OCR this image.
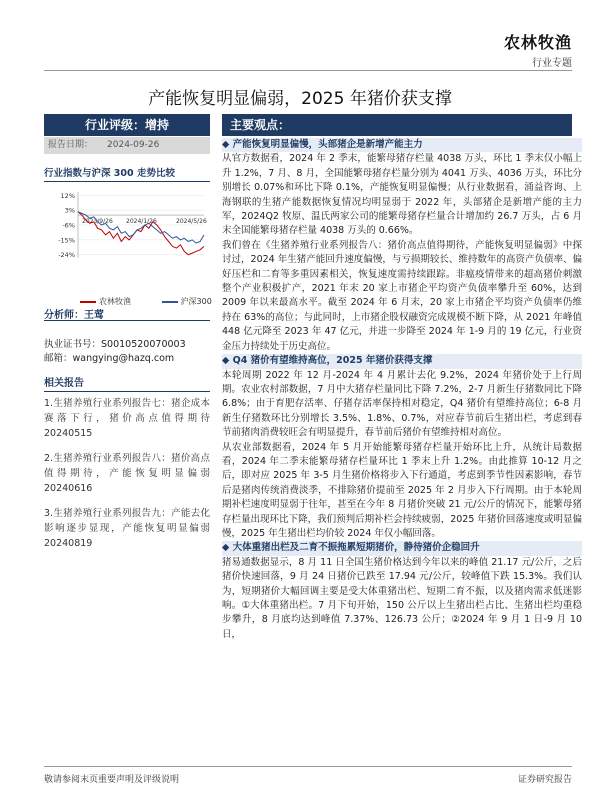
农林牧渔
行业专题
产能恢复明显偏弱，2025 年猪价获支撑
行业评级：增持
报告日期： 2024-09-26
行业指数与沪深 300 走势比较
12%
3%
-6%
-15%
-24%
2023/9/26 2024/1/26	2024/5/26
农林牧渔	沪深300
分析师：王莺
执业证书号：S0010520070003
邮箱：wangying@hazq.com
相关报告
1.生猪养殖行业系列报告七：猪企成本赛落下行，猪价高点值得期待 20240515
2.生猪养殖行业系列报告八：猪价高点值得期待，产能恢复明显偏弱 20240616
3.生猪养殖行业系列报告九：产能去化影响逐步显现，产能恢复明显偏弱 20240819
主要观点：
◆ 产能恢复明显偏慢，头部猪企是新增产能主力

从官方数据看，2024 年 2 季末，能繁母猪存栏量 4038 万头，环比 1 季末仅小幅上升 1.2%，7 月、8 月，全国能繁母猪存栏量分别为 4041 万头、4036 万头，环比分别增长 0.07%和环比下降 0.1%，产能恢复明显偏慢；从行业数据看，涌益咨询、上海钢联的生猪产能数据恢复情况均明显弱于 2022 年，头部猪企是新增产能的主力军，2024Q2 牧原、温氏两家公司的能繁母猪存栏量合计增加约 26.7 万头，占 6 月末全国能繁母猪存栏量 4038 万头的 0.66%。

我们曾在《生猪养殖行业系列报告八：猪价高点值得期待，产能恢复明显偏弱》中探讨过，2024 年生猪产能回升速度偏慢，与亏损期较长、维持数年的高资产负债率、偏好压栏和二育等多重因素相关，恢复速度需持续跟踪。非瘟疫情带来的超高猪价刺激整个产业积极扩产，2021 年末 20 家上市猪企平均资产负债率攀升至 60%，达到 2009 年以来最高水平。截至 2024 年 6 月末，20 家上市猪企平均资产负债率仍维持在 63%的高位；与此同时，上市猪企股权融资完成规模不断下降，从 2021 年峰值 448 亿元降至 2023 年 47 亿元，并进一步降至 2024 年 1-9 月的 19 亿元，行业资金压力持续处于历史高位。

◆ Q4 猪价有望维持高位，2025 年猪价获得支撑

本轮周期 2022 年 12 月-2024 年 4 月累计去化 9.2%，2024 年猪价处于上行周期。农业农村部数据，7 月中大猪存栏量同比下降 7.2%，2-7 月新生仔猪数同比下降 6.8%；由于育肥存活率、仔猪存活率保持相对稳定，Q4 猪价有望维持高位；6-8 月新生仔猪数环比分别增长 3.5%、1.8%、0.7%，对应春节前后生猪出栏，考虑到春节前猪肉消费较旺会有明显提升，春节前后猪价有望维持相对高位。

从农业部数据看，2024 年 5 月开始能繁母猪存栏量开始环比上升，从统计局数据看，2024 年二季末能繁母猪存栏量环比 1 季末上升 1.2%。由此推算 10-12 月之后，即对应 2025 年 3-5 月生猪价格将步入下行通道，考虑到季节性因素影响，春节后是猪肉传统消费淡季，不排除猪价提前至 2025 年 2 月步入下行周期。由于本轮周期补栏速度明显弱于往年，甚至在今年 8 月猪价突破 21 元/公斤的情况下，能繁母猪存栏量出现环比下降，我们预判后期补栏会持续疲弱，2025 年猪价回落速度或明显偏慢，2025 年生猪出栏均价较 2024 年仅小幅回落。

◆ 大体重猪出栏及二育不振拖累短期猪价，静待猪价企稳回升

猪易通数据显示，8 月 11 日全国生猪价格达到今年以来的峰值 21.17 元/公斤，之后猪价快速回落，9 月 24 日猪价已跌至 17.94 元/公斤，较峰值下跌 15.3%。我们认为，短期猪价大幅回调主要是受大体重猪出栏、短期二育不振，以及猪肉需求低迷影响。①大体重猪出栏。7 月下旬开始，150 公斤以上生猪出栏占比、生猪出栏均重稳步攀升，8 月底均达到峰值 7.37%、126.73 公斤；②2024 年 9 月 1 日-9 月 10 日，

敬请参阅末页重要声明及评级说明	证券研究报告
